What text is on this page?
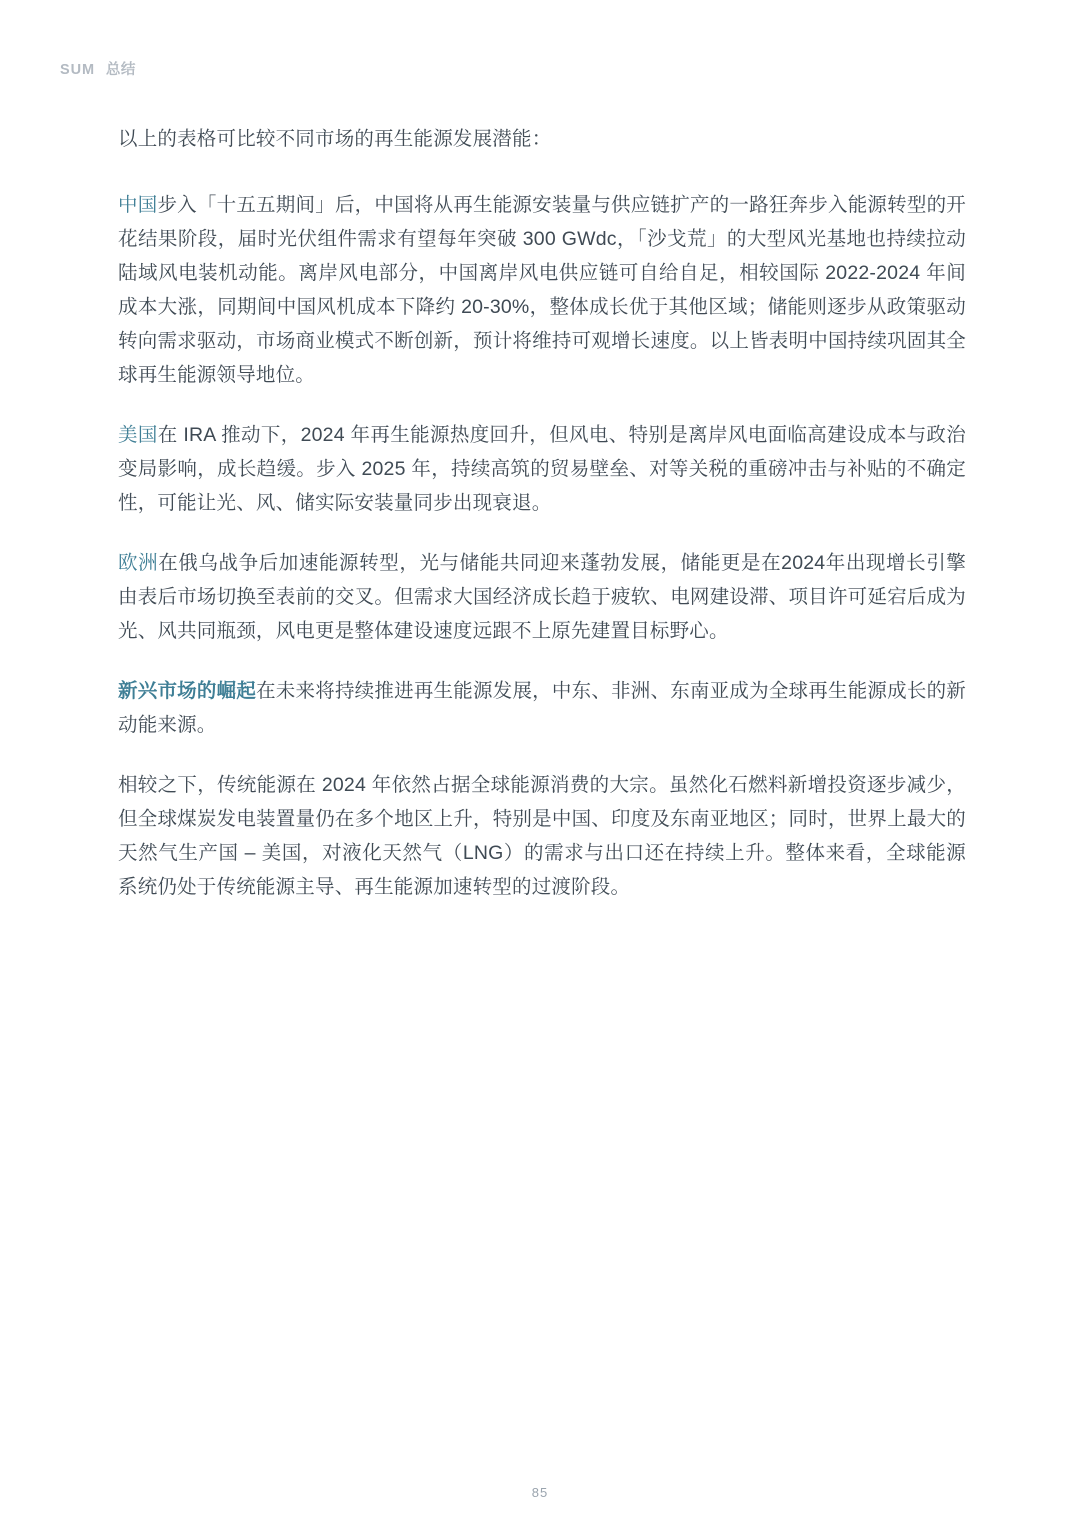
SUM 总结

以上的表格可比较不同市场的再生能源发展潜能：

中国步入「十五五期间」后，中国将从再生能源安装量与供应链扩产的一路狂奔步入能源转型的开花结果阶段，届时光伏组件需求有望每年突破 300 GWdc，「沙戈荒」的大型风光基地也持续拉动陆域风电装机动能。离岸风电部分，中国离岸风电供应链可自给自足，相较国际 2022-2024 年间成本大涨，同期间中国风机成本下降约 20-30%，整体成长优于其他区域；储能则逐步从政策驱动转向需求驱动，市场商业模式不断创新，预计将维持可观增长速度。以上皆表明中国持续巩固其全球再生能源领导地位。

美国在 IRA 推动下，2024 年再生能源热度回升，但风电、特别是离岸风电面临高建设成本与政治变局影响，成长趋缓。步入 2025 年，持续高筑的贸易壁垒、对等关税的重磅冲击与补贴的不确定性，可能让光、风、储实际安装量同步出现衰退。

欧洲在俄乌战争后加速能源转型，光与储能共同迎来蓬勃发展，储能更是在2024年出现增长引擎由表后市场切换至表前的交叉。但需求大国经济成长趋于疲软、电网建设滞、项目许可延宕后成为光、风共同瓶颈，风电更是整体建设速度远跟不上原先建置目标野心。

新兴市场的崛起在未来将持续推进再生能源发展，中东、非洲、东南亚成为全球再生能源成长的新动能来源。

相较之下，传统能源在 2024 年依然占据全球能源消费的大宗。虽然化石燃料新增投资逐步减少，但全球煤炭发电装置量仍在多个地区上升，特别是中国、印度及东南亚地区；同时，世界上最大的天然气生产国 – 美国，对液化天然气（LNG）的需求与出口还在持续上升。整体来看，全球能源系统仍处于传统能源主导、再生能源加速转型的过渡阶段。

85
